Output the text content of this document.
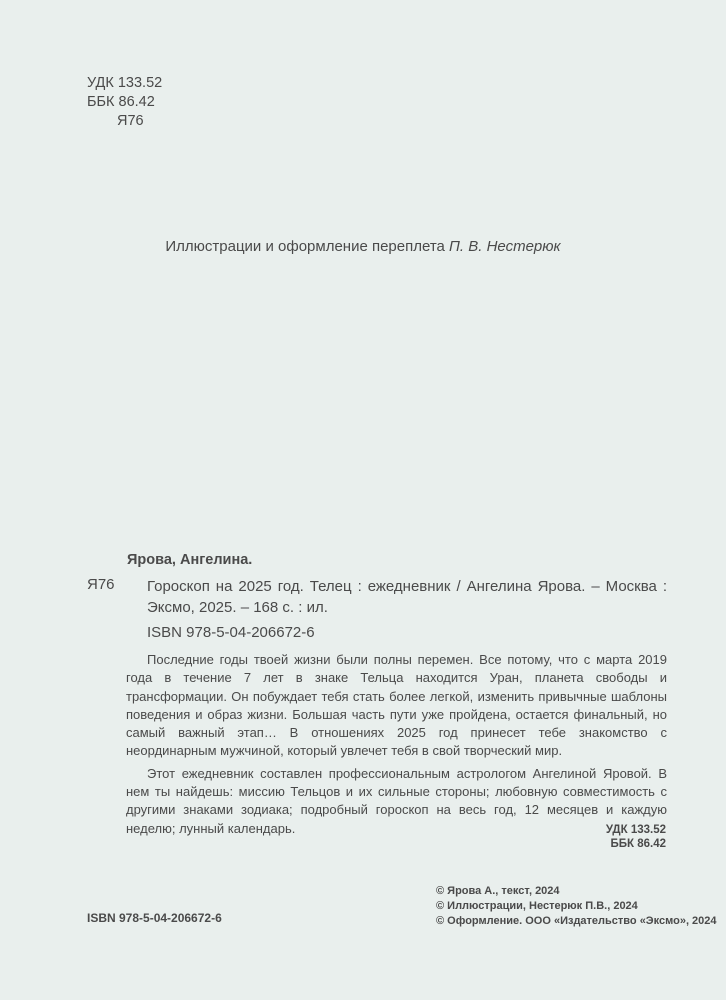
УДК 133.52
ББК 86.42
Я76
Иллюстрации и оформление переплета П. В. Нестерюк
Ярова, Ангелина.
Я76 Гороскоп на 2025 год. Телец : ежедневник / Ангелина Ярова. – Москва : Эксмо, 2025. – 168 с. : ил.
ISBN 978-5-04-206672-6

Последние годы твоей жизни были полны перемен. Все потому, что с марта 2019 года в течение 7 лет в знаке Тельца находится Уран, планета свободы и трансформации. Он побуждает тебя стать более легкой, изменить привычные шаблоны поведения и образ жизни. Большая часть пути уже пройдена, остается финальный, но самый важный этап… В отношениях 2025 год принесет тебе знакомство с неординарным мужчиной, который увлечет тебя в свой творческий мир.

Этот ежедневник составлен профессиональным астрологом Ангелиной Яровой. В нем ты найдешь: миссию Тельцов и их сильные стороны; любовную совместимость с другими знаками зодиака; подробный гороскоп на весь год, 12 месяцев и каждую неделю; лунный календарь.	УДК 133.52
ББК 86.42
© Ярова А., текст, 2024
© Иллюстрации, Нестерюк П.В., 2024
© Оформление. ООО «Издательство «Эксмо», 2024
ISBN 978-5-04-206672-6
